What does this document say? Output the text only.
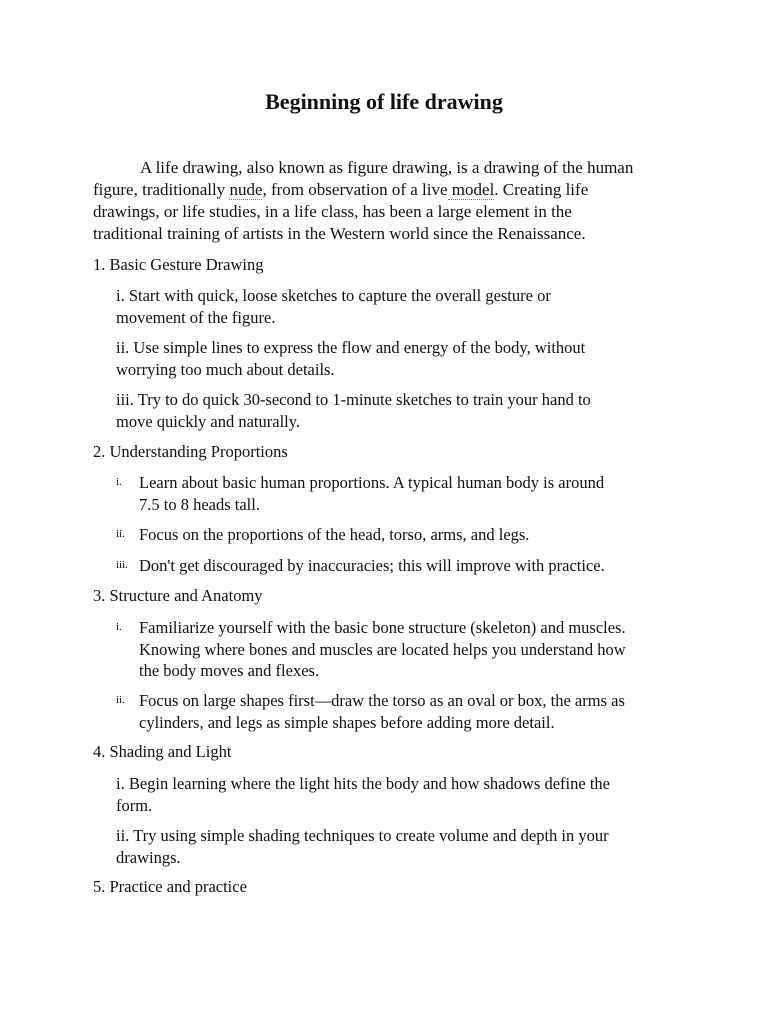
Beginning of life drawing

A life drawing, also known as figure drawing, is a drawing of the human
figure, traditionally nude, from observation of a live model. Creating life
drawings, or life studies, in a life class, has been a large element in the
traditional training of artists in the Western world since the Renaissance.

1. Basic Gesture Drawing

i. Start with quick, loose sketches to capture the overall gesture or
movement of the figure.
ii. Use simple lines to express the flow and energy of the body, without
worrying too much about details.
iii. Try to do quick 30-second to 1-minute sketches to train your hand to
move quickly and naturally.

2. Understanding Proportions

i. Learn about basic human proportions. A typical human body is around
7.5 to 8 heads tall.
ii. Focus on the proportions of the head, torso, arms, and legs.
iii. Don't get discouraged by inaccuracies; this will improve with practice.

3. Structure and Anatomy

i. Familiarize yourself with the basic bone structure (skeleton) and muscles.
Knowing where bones and muscles are located helps you understand how
the body moves and flexes.
ii. Focus on large shapes first—draw the torso as an oval or box, the arms as
cylinders, and legs as simple shapes before adding more detail.

4. Shading and Light

i. Begin learning where the light hits the body and how shadows define the
form.
ii. Try using simple shading techniques to create volume and depth in your
drawings.

5. Practice and practice
